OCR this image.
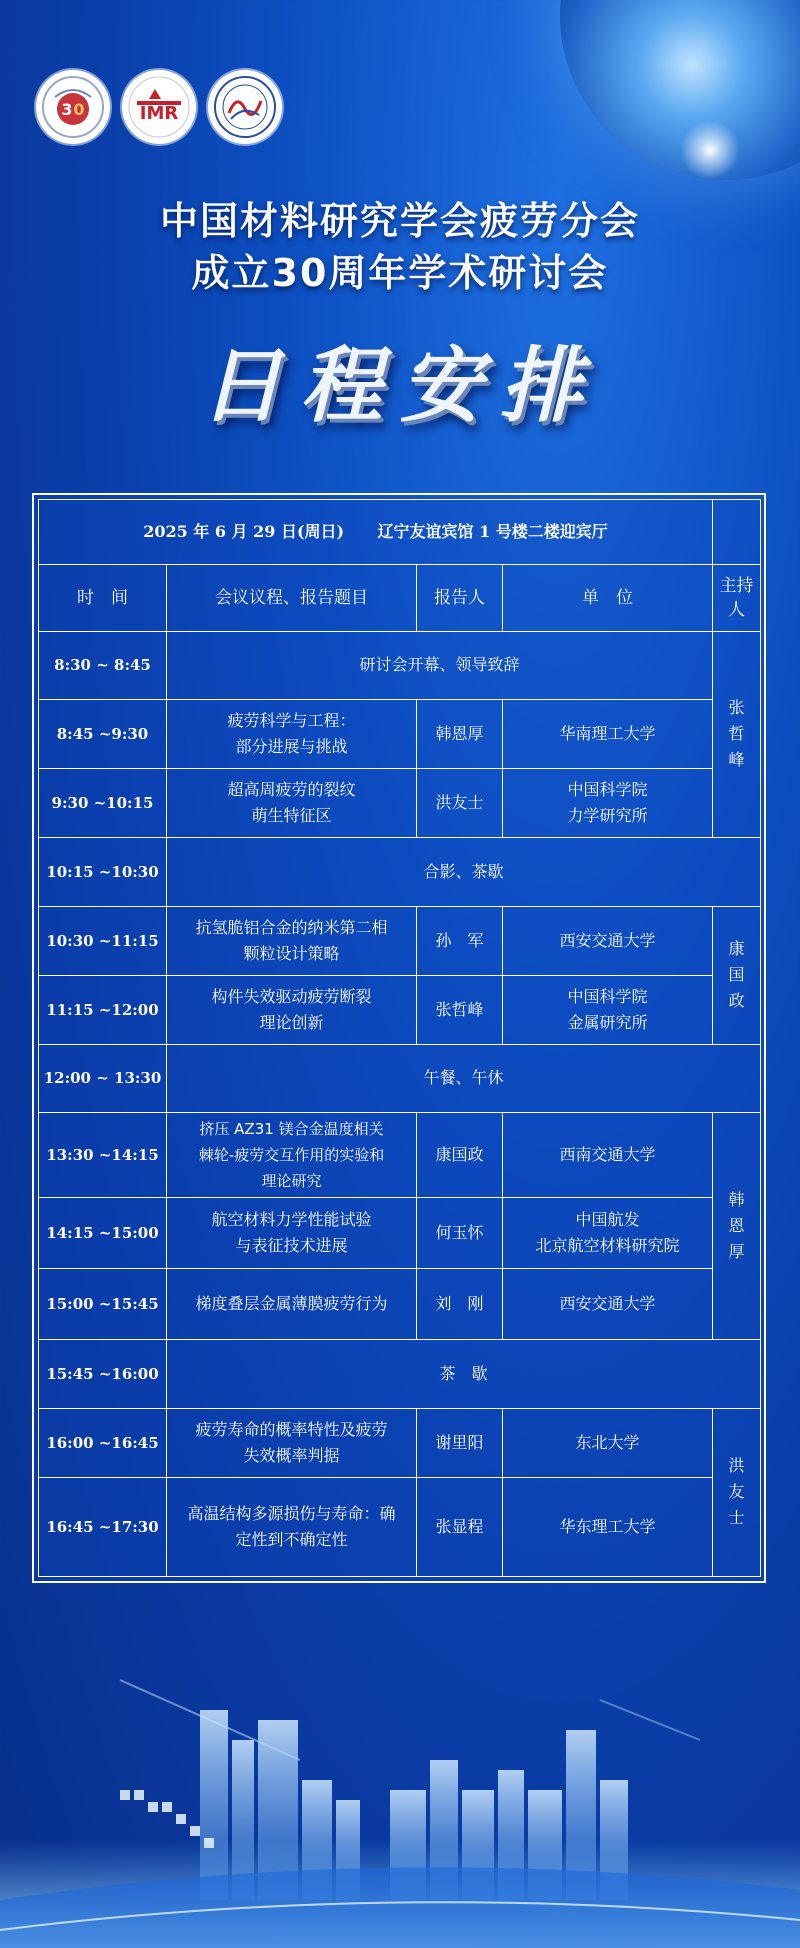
3 0	IMR
中国材料研究学会疲劳分会
成立30周年学术研讨会
日程安排
2025 年 6 月 29 日(周日)      辽宁友谊宾馆 1 号楼二楼迎宾厅				
时　间	会议议程、报告题目	报告人	单　位	主持人
8:30 ~ 8:45	研讨会开幕、领导致辞			张
哲
峰
8:45 ~9:30	疲劳科学与工程：
部分进展与挑战	韩恩厚	华南理工大学	
9:30 ~10:15	超高周疲劳的裂纹
萌生特征区	洪友士	中国科学院
力学研究所	
10:15 ~10:30	合影、茶歇			
10:30 ~11:15	抗氢脆铝合金的纳米第二相
颗粒设计策略	孙　军	西安交通大学	康
国
政
11:15 ~12:00	构件失效驱动疲劳断裂
理论创新	张哲峰	中国科学院
金属研究所	
12:00 ~ 13:30	午餐、午休			
13:30 ~14:15	挤压 AZ31 镁合金温度相关
棘轮-疲劳交互作用的实验和
理论研究	康国政	西南交通大学	韩
恩
厚
14:15 ~15:00	航空材料力学性能试验
与表征技术进展	何玉怀	中国航发
北京航空材料研究院	
15:00 ~15:45	梯度叠层金属薄膜疲劳行为	刘　刚	西安交通大学	
15:45 ~16:00	茶　歇			
16:00 ~16:45	疲劳寿命的概率特性及疲劳
失效概率判据	谢里阳	东北大学	洪
友
士
16:45 ~17:30	高温结构多源损伤与寿命：确
定性到不确定性	张显程	华东理工大学	
